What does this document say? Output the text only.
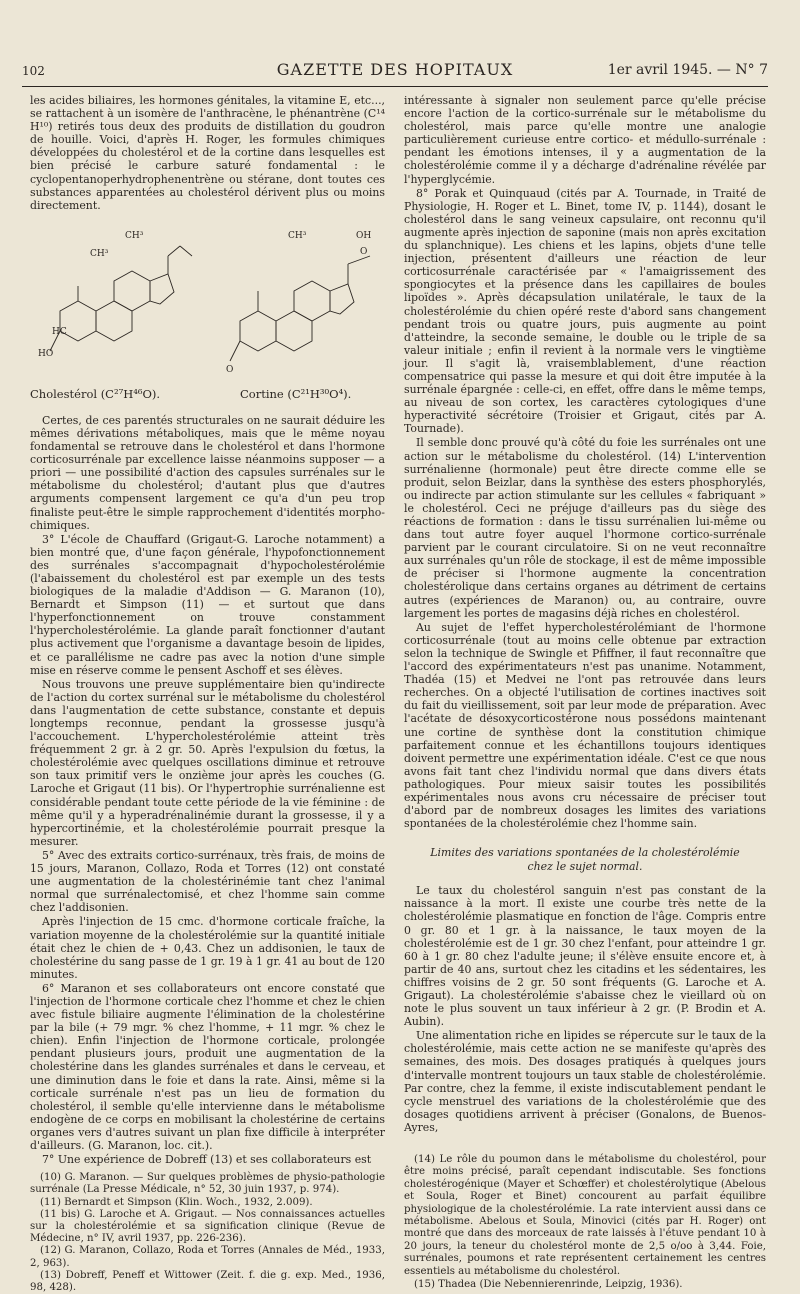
102	GAZETTE DES HOPITAUX	1er avril 1945. — N° 7

les acides biliaires, les hormones génitales, la vitamine E, etc..., se rattachent à un isomère de l'anthracène, le phénantrène (C¹⁴ H¹⁰) retirés tous deux des produits de distillation du goudron de houille. Voici, d'après H. Roger, les formules chimiques développées du cholestérol et de la cortine dans lesquelles est bien précisé le carbure saturé fondamental : le cyclopentanoperhydrophenentrène ou stérane, dont toutes ces substances apparentées au cholestérol dérivent plus ou moins directement.

CH³
CH³
HC
HO
CH³	OH
O
O
Cholestérol (C²⁷H⁴⁶O).	Cortine (C²¹H³⁰O⁴).

Certes, de ces parentés structurales on ne saurait déduire les mêmes dérivations métaboliques, mais que le même noyau fondamental se retrouve dans le cholestérol et dans l'hormone corticosurrénale par excellence laisse néanmoins supposer — a priori — une possibilité d'action des capsules surrénales sur le métabolisme du cholestérol; d'autant plus que d'autres arguments compensent largement ce qu'a d'un peu trop finaliste peut-être le simple rapprochement d'identités morpho-chimiques.

3° L'école de Chauffard (Grigaut-G. Laroche notamment) a bien montré que, d'une façon générale, l'hypofonctionnement des surrénales s'accompagnait d'hypocholestérolémie (l'abaissement du cholestérol est par exemple un des tests biologiques de la maladie d'Addison — G. Maranon (10), Bernardt et Simpson (11) — et surtout que dans l'hyperfonctionnement on trouve constamment l'hypercholestérolémie. La glande paraît fonctionner d'autant plus activement que l'organisme a davantage besoin de lipides, et ce parallélisme ne cadre pas avec la notion d'une simple mise en réserve comme le pensent Aschoff et ses élèves.

Nous trouvons une preuve supplémentaire bien qu'indirecte de l'action du cortex surrénal sur le métabolisme du cholestérol dans l'augmentation de cette substance, constante et depuis longtemps reconnue, pendant la grossesse jusqu'à l'accouchement. L'hypercholestérolémie atteint très fréquemment 2 gr. à 2 gr. 50. Après l'expulsion du fœtus, la cholestérolémie avec quelques oscillations diminue et retrouve son taux primitif vers le onzième jour après les couches (G. Laroche et Grigaut (11 bis). Or l'hypertrophie surrénalienne est considérable pendant toute cette période de la vie féminine : de même qu'il y a hyperadrénalinémie durant la grossesse, il y a hypercortinémie, et la cholestérolémie pourrait presque la mesurer.

5° Avec des extraits cortico-surrénaux, très frais, de moins de 15 jours, Maranon, Collazo, Roda et Torres (12) ont constaté une augmentation de la cholestérinémie tant chez l'animal normal que surrénalectomisé, et chez l'homme sain comme chez l'addisonien.

Après l'injection de 15 cmc. d'hormone corticale fraîche, la variation moyenne de la cholestérolémie sur la quantité initiale était chez le chien de + 0,43. Chez un addisonien, le taux de cholestérine du sang passe de 1 gr. 19 à 1 gr. 41 au bout de 120 minutes.

6° Maranon et ses collaborateurs ont encore constaté que l'injection de l'hormone corticale chez l'homme et chez le chien avec fistule biliaire augmente l'élimination de la cholestérine par la bile (+ 79 mgr. % chez l'homme, + 11 mgr. % chez le chien). Enfin l'injection de l'hormone corticale, prolongée pendant plusieurs jours, produit une augmentation de la cholestérine dans les glandes surrénales et dans le cerveau, et une diminution dans le foie et dans la rate. Ainsi, même si la corticale surrénale n'est pas un lieu de formation du cholestérol, il semble qu'elle intervienne dans le métabolisme endogène de ce corps en mobilisant la cholestérine de certains organes vers d'autres suivant un plan fixe difficile à interpréter d'ailleurs. (G. Maranon, loc. cit.).

7° Une expérience de Dobreff (13) et ses collaborateurs est

(10) G. Maranon. — Sur quelques problèmes de physio-pathologie surrénale (La Presse Médicale, n° 52, 30 juin 1937, p. 974).

(11) Bernardt et Simpson (Klin. Woch., 1932, 2.009).

(11 bis) G. Laroche et A. Grigaut. — Nos connaissances actuelles sur la cholestérolémie et sa signification clinique (Revue de Médecine, n° IV, avril 1937, pp. 226-236).

(12) G. Maranon, Collazo, Roda et Torres (Annales de Méd., 1933, 2, 963).

(13) Dobreff, Peneff et Wittower (Zeit. f. die g. exp. Med., 1936, 98, 428).

intéressante à signaler non seulement parce qu'elle précise encore l'action de la cortico-surrénale sur le métabolisme du cholestérol, mais parce qu'elle montre une analogie particulièrement curieuse entre cortico- et médullo-surrénale : pendant les émotions intenses, il y a augmentation de la cholestérolémie comme il y a décharge d'adrénaline révélée par l'hyperglycémie.

8° Porak et Quinquaud (cités par A. Tournade, in Traité de Physiologie, H. Roger et L. Binet, tome IV, p. 1144), dosant le cholestérol dans le sang veineux capsulaire, ont reconnu qu'il augmente après injection de saponine (mais non après excitation du splanchnique). Les chiens et les lapins, objets d'une telle injection, présentent d'ailleurs une réaction de leur corticosurrénale caractérisée par « l'amaigrissement des spongiocytes et la présence dans les capillaires de boules lipoïdes ». Après décapsulation unilatérale, le taux de la cholestérolémie du chien opéré reste d'abord sans changement pendant trois ou quatre jours, puis augmente au point d'atteindre, la seconde semaine, le double ou le triple de sa valeur initiale ; enfin il revient à la normale vers le vingtième jour. Il s'agit là, vraisemblablement, d'une réaction compensatrice qui passe la mesure et qui doit être imputée à la surrénale épargnée : celle-ci, en effet, offre dans le même temps, au niveau de son cortex, les caractères cytologiques d'une hyperactivité sécrétoire (Troisier et Grigaut, cités par A. Tournade).

Il semble donc prouvé qu'à côté du foie les surrénales ont une action sur le métabolisme du cholestérol. (14) L'intervention surrénalienne (hormonale) peut être directe comme elle se produit, selon Beizlar, dans la synthèse des esters phosphorylés, ou indirecte par action stimulante sur les cellules « fabriquant » le cholestérol. Ceci ne préjuge d'ailleurs pas du siège des réactions de formation : dans le tissu surrénalien lui-même ou dans tout autre foyer auquel l'hormone cortico-surrénale parvient par le courant circulatoire. Si on ne veut reconnaître aux surrénales qu'un rôle de stockage, il est de même impossible de préciser si l'hormone augmente la concentration cholestérolique dans certains organes au détriment de certains autres (expériences de Maranon) ou, au contraire, ouvre largement les portes de magasins déjà riches en cholestérol.

Au sujet de l'effet hypercholestérolémiant de l'hormone corticosurrénale (tout au moins celle obtenue par extraction selon la technique de Swingle et Pfiffner, il faut reconnaître que l'accord des expérimentateurs n'est pas unanime. Notamment, Thadéa (15) et Medvei ne l'ont pas retrouvée dans leurs recherches. On a objecté l'utilisation de cortines inactives soit du fait du vieillissement, soit par leur mode de préparation. Avec l'acétate de désoxycorticostérone nous possédons maintenant une cortine de synthèse dont la constitution chimique parfaitement connue et les échantillons toujours identiques doivent permettre une expérimentation idéale. C'est ce que nous avons fait tant chez l'individu normal que dans divers états pathologiques. Pour mieux saisir toutes les possibilités expérimentales nous avons cru nécessaire de préciser tout d'abord par de nombreux dosages les limites des variations spontanées de la cholestérolémie chez l'homme sain.

Limites des variations spontanées de la cholestérolémie
chez le sujet normal.

Le taux du cholestérol sanguin n'est pas constant de la naissance à la mort. Il existe une courbe très nette de la cholestérolémie plasmatique en fonction de l'âge. Compris entre 0 gr. 80 et 1 gr. à la naissance, le taux moyen de la cholestérolémie est de 1 gr. 30 chez l'enfant, pour atteindre 1 gr. 60 à 1 gr. 80 chez l'adulte jeune; il s'élève ensuite encore et, à partir de 40 ans, surtout chez les citadins et les sédentaires, les chiffres voisins de 2 gr. 50 sont fréquents (G. Laroche et A. Grigaut). La cholestérolémie s'abaisse chez le vieillard où on note le plus souvent un taux inférieur à 2 gr. (P. Brodin et A. Aubin).

Une alimentation riche en lipides se répercute sur le taux de la cholestérolémie, mais cette action ne se manifeste qu'après des semaines, des mois. Des dosages pratiqués à quelques jours d'intervalle montrent toujours un taux stable de cholestérolémie. Par contre, chez la femme, il existe indiscutablement pendant le cycle menstruel des variations de la cholestérolémie que des dosages quotidiens arrivent à préciser (Gonalons, de Buenos-Ayres,

(14) Le rôle du poumon dans le métabolisme du cholestérol, pour être moins précisé, paraît cependant indiscutable. Ses fonctions cholestérogénique (Mayer et Schœffer) et cholestérolytique (Abelous et Soula, Roger et Binet) concourent au parfait équilibre physiologique de la cholestérolémie. La rate intervient aussi dans ce métabolisme. Abelous et Soula, Minovici (cités par H. Roger) ont montré que dans des morceaux de rate laissés à l'étuve pendant 10 à 20 jours, la teneur du cholestérol monte de 2,5 o/oo à 3,44. Foie, surrénales, poumons et rate représentent certainement les centres essentiels au métabolisme du cholestérol.

(15) Thadea (Die Nebennierenrinde, Leipzig, 1936).
